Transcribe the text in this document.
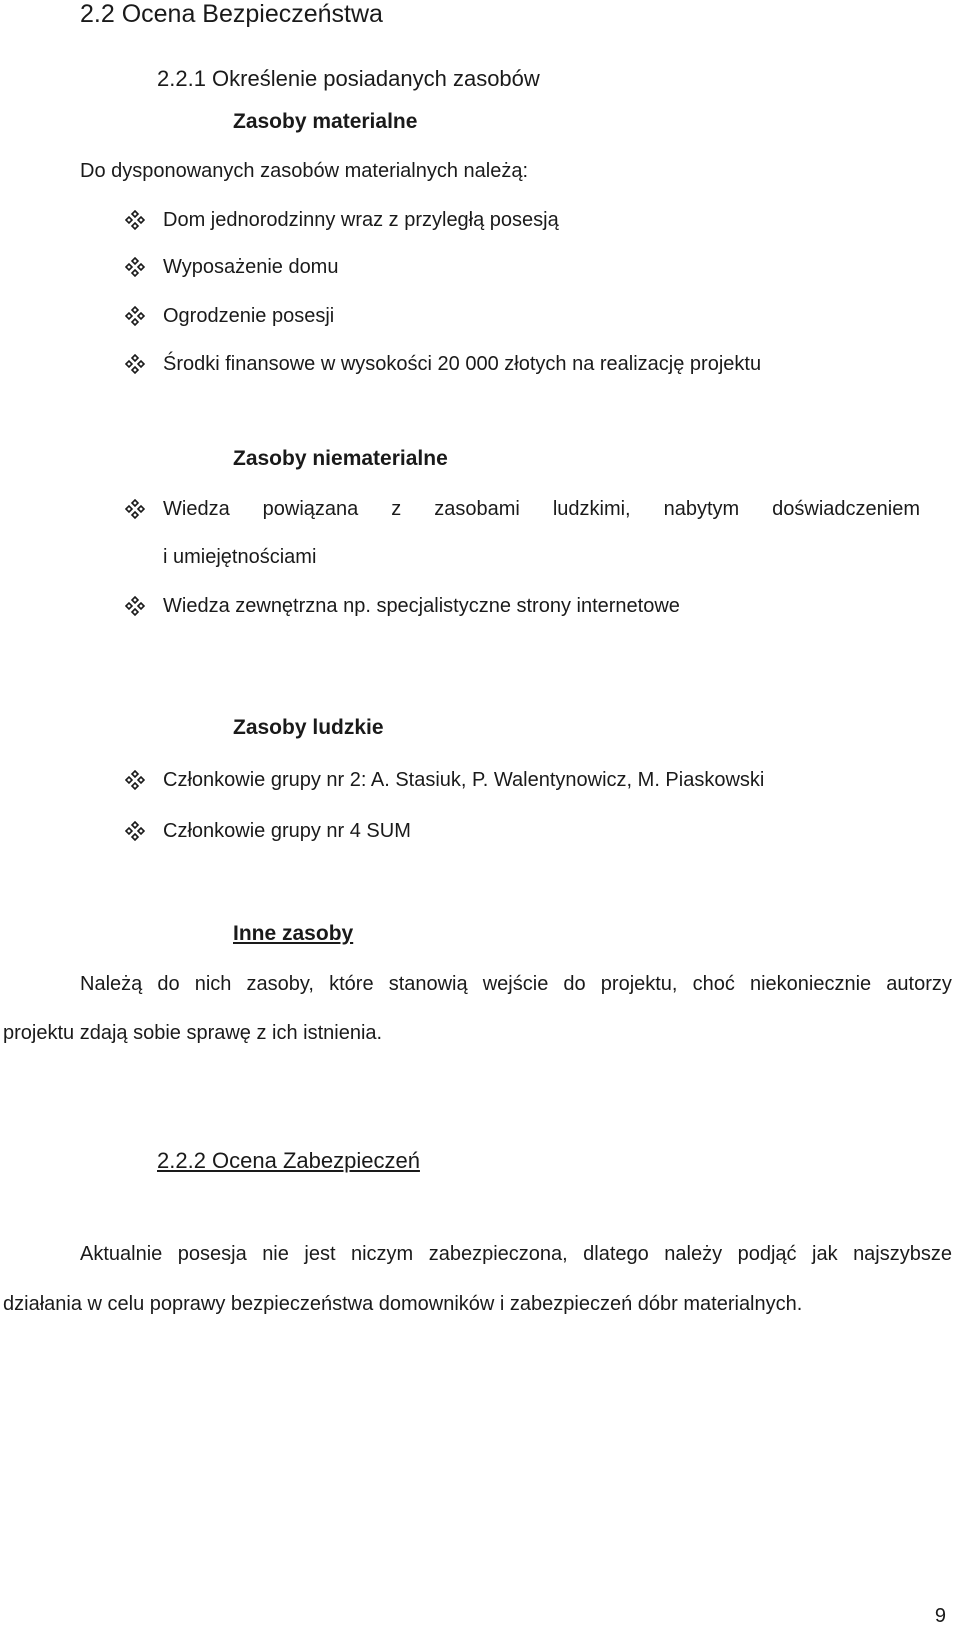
2.2 Ocena Bezpieczeństwa
2.2.1 Określenie posiadanych zasobów
Zasoby materialne
Do dysponowanych zasobów materialnych należą:
Dom jednorodzinny wraz z przyległą posesją
Wyposażenie domu
Ogrodzenie posesji
Środki finansowe w wysokości 20 000 złotych na realizację projektu
Zasoby niematerialne
Wiedza powiązana z zasobami ludzkimi, nabytym doświadczeniem
i umiejętnościami
Wiedza zewnętrzna np. specjalistyczne strony internetowe
Zasoby ludzkie
Członkowie grupy nr 2: A. Stasiuk, P. Walentynowicz, M. Piaskowski
Członkowie grupy nr 4 SUM
Inne zasoby
Należą do nich zasoby, które stanowią wejście do projektu, choć niekoniecznie autorzy
projektu zdają sobie sprawę z ich istnienia.
2.2.2 Ocena Zabezpieczeń
Aktualnie posesja nie jest niczym zabezpieczona, dlatego należy podjąć jak najszybsze
działania w celu poprawy bezpieczeństwa domowników i zabezpieczeń dóbr materialnych.
9
